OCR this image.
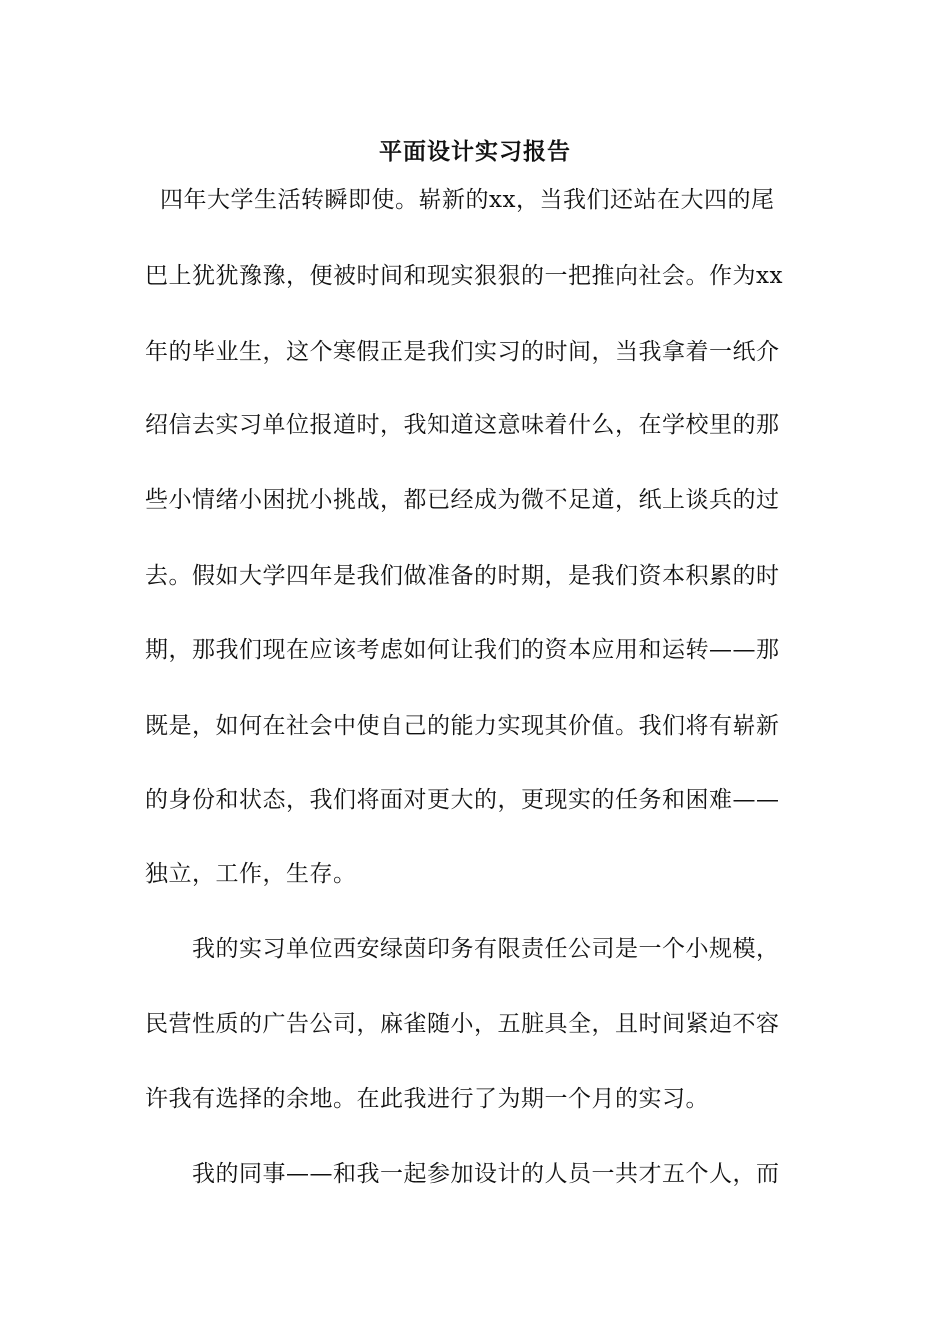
平面设计实习报告
四年大学生活转瞬即使。崭新的xx，当我们还站在大四的尾
巴上犹犹豫豫，便被时间和现实狠狠的一把推向社会。作为xx
年的毕业生，这个寒假正是我们实习的时间，当我拿着一纸介
绍信去实习单位报道时，我知道这意味着什么，在学校里的那
些小情绪小困扰小挑战，都已经成为微不足道，纸上谈兵的过
去。假如大学四年是我们做准备的时期，是我们资本积累的时
期，那我们现在应该考虑如何让我们的资本应用和运转——那
既是，如何在社会中使自己的能力实现其价值。我们将有崭新
的身份和状态，我们将面对更大的，更现实的任务和困难——
独立，工作，生存。
我的实习单位西安绿茵印务有限责任公司是一个小规模，
民营性质的广告公司，麻雀随小，五脏具全，且时间紧迫不容
许我有选择的余地。在此我进行了为期一个月的实习。
我的同事——和我一起参加设计的人员一共才五个人，而
